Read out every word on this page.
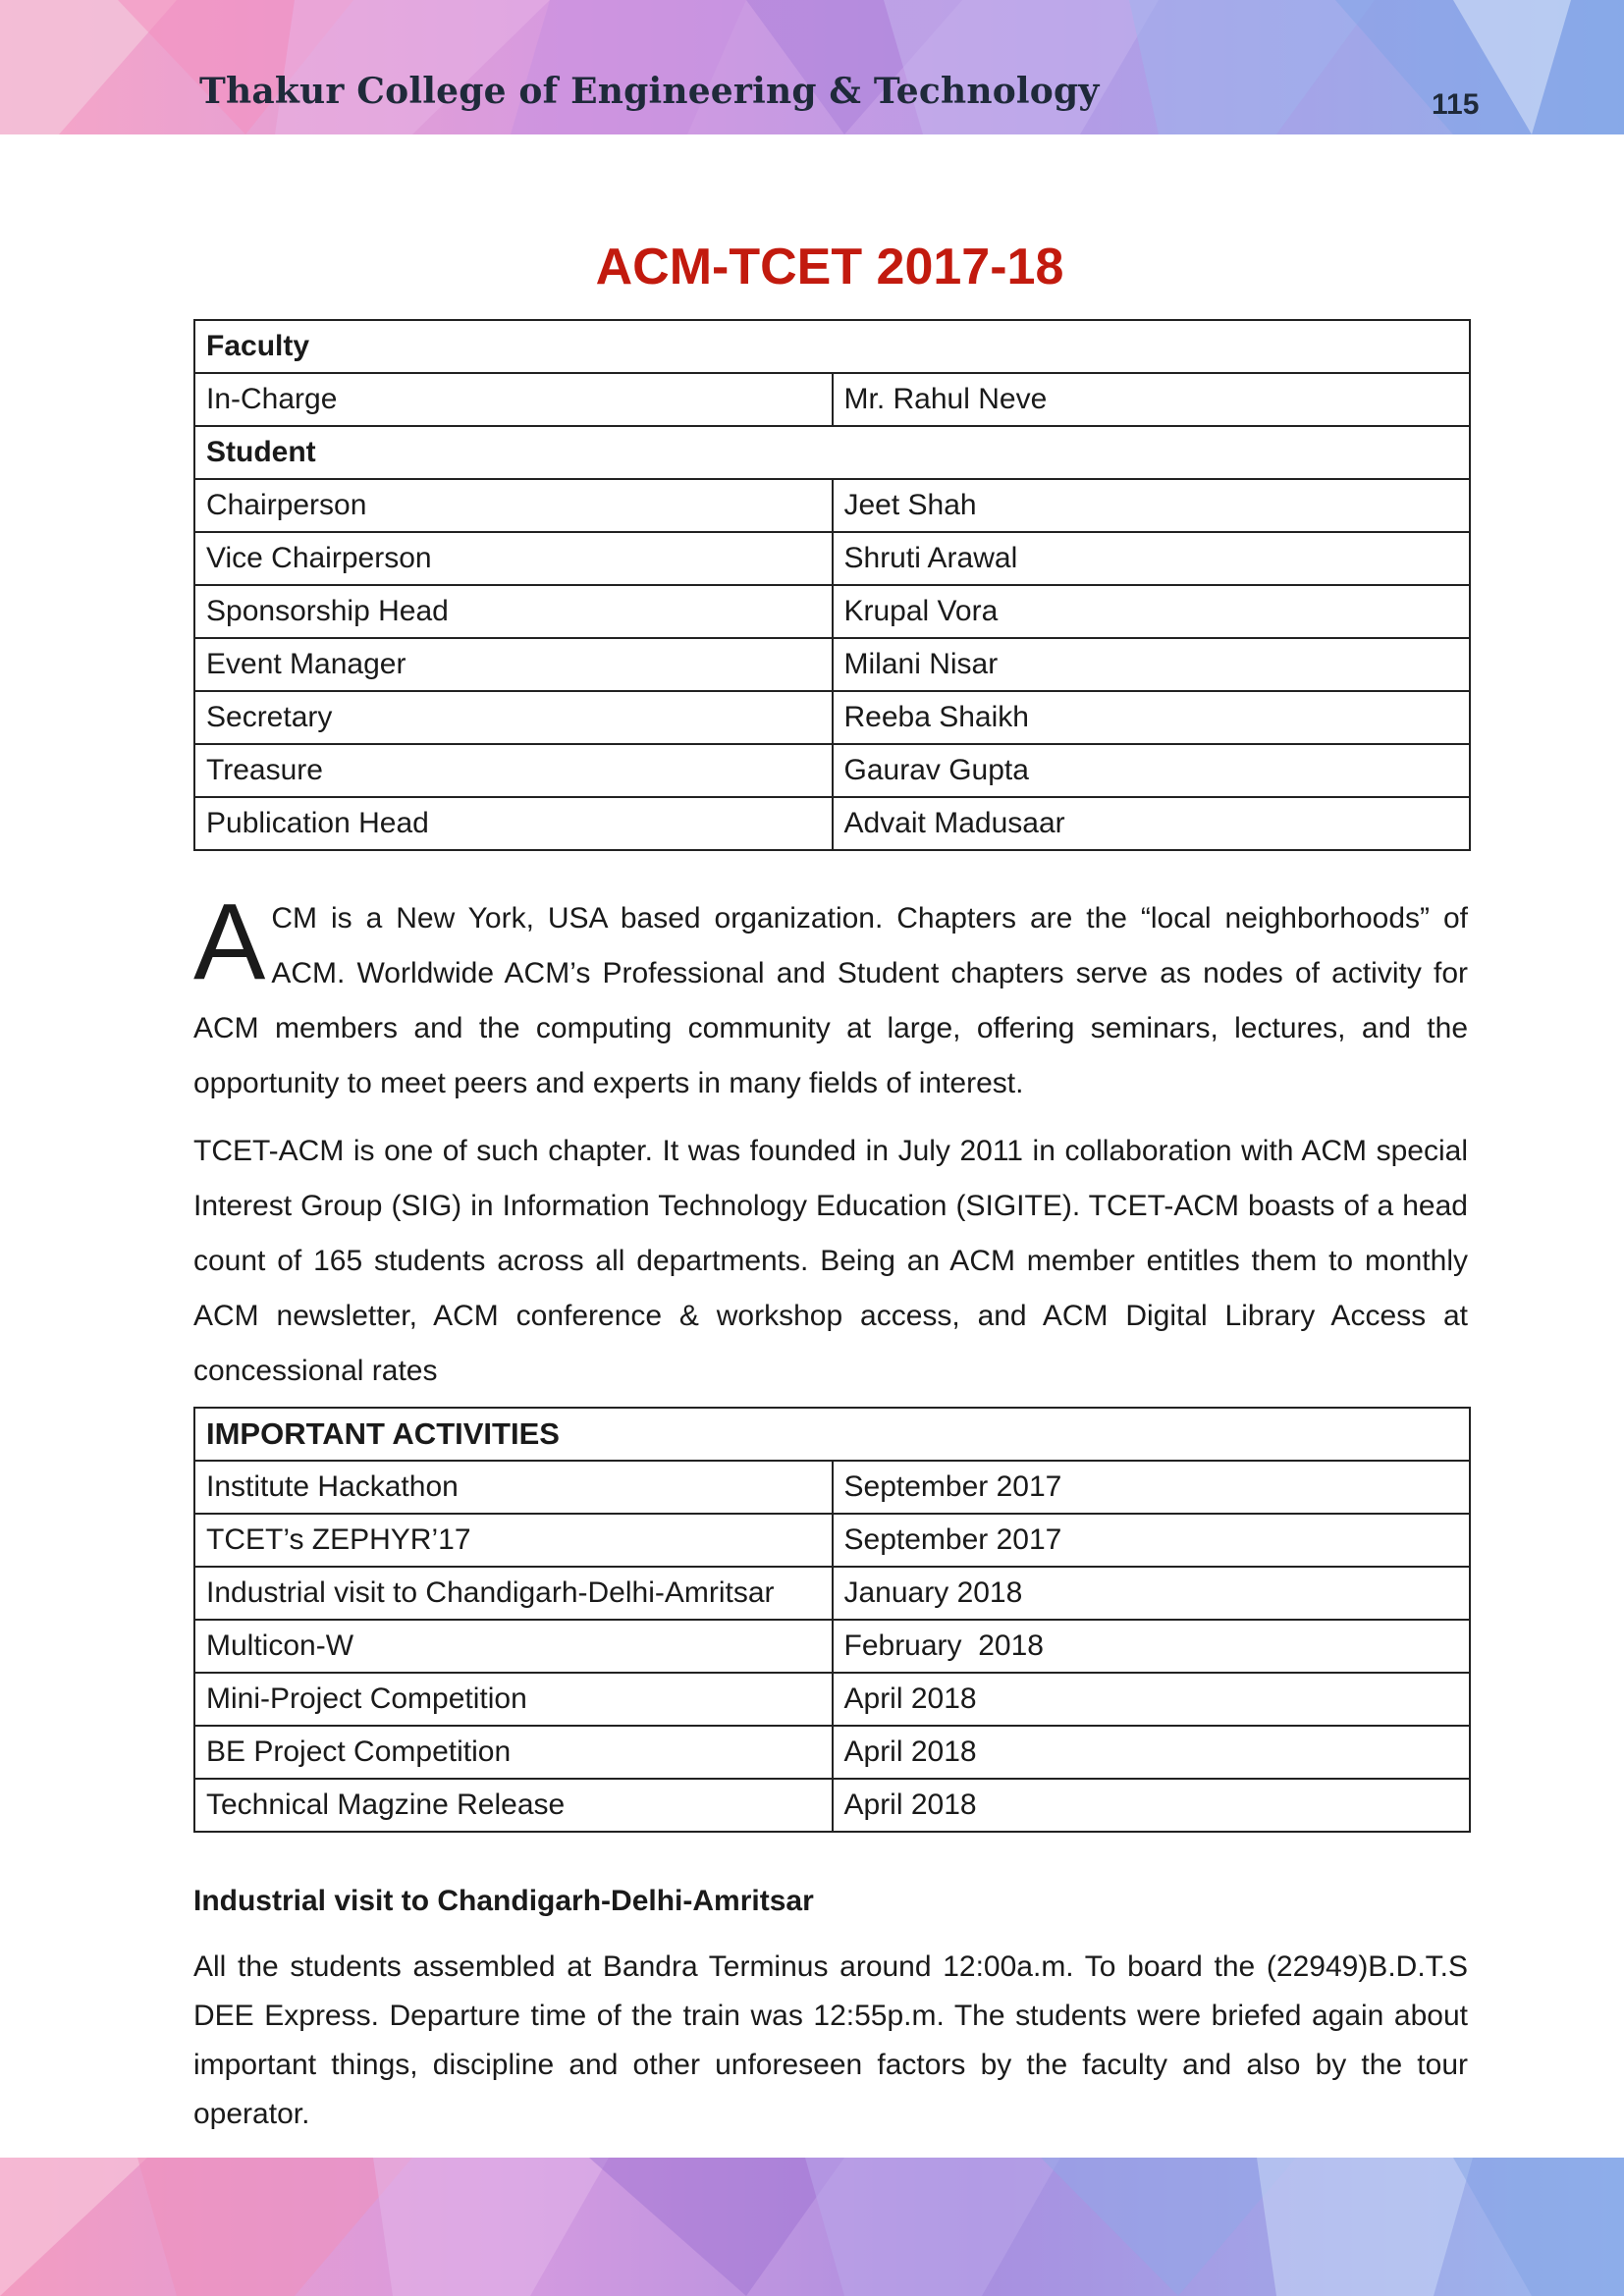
Thakur College of Engineering & Technology	115
ACM-TCET 2017-18
Faculty	
In-Charge	Mr. Rahul Neve
Student	
Chairperson	Jeet Shah
Vice Chairperson	Shruti Arawal
Sponsorship Head	Krupal Vora
Event Manager	Milani Nisar
Secretary	Reeba Shaikh
Treasure	Gaurav Gupta
Publication Head	Advait Madusaar

ACM is a New York, USA based organization. Chapters are the “local neighborhoods” of ACM. Worldwide ACM’s Professional and Student chapters serve as nodes of activity for ACM members and the computing community at large, offering seminars, lectures, and the opportunity to meet peers and experts in many fields of interest.

TCET-ACM is one of such chapter. It was founded in July 2011 in collaboration with ACM special Interest Group (SIG) in Information Technology Education (SIGITE). TCET-ACM boasts of a head count of 165 students across all departments. Being an ACM member entitles them to monthly ACM newsletter, ACM conference & workshop access, and ACM Digital Library Access at concessional rates

IMPORTANT ACTIVITIES	
Institute Hackathon	September 2017
TCET’s ZEPHYR’17	September 2017
Industrial visit to Chandigarh-Delhi-Amritsar	January 2018
Multicon-W	February  2018
Mini-Project Competition	April 2018
BE Project Competition	April 2018
Technical Magzine Release	April 2018
Industrial visit to Chandigarh-Delhi-Amritsar

All the students assembled at Bandra Terminus around 12:00a.m. To board the (22949)B.D.T.S DEE Express. Departure time of the train was 12:55p.m. The students were briefed again about important things, discipline and other unforeseen factors by the faculty and also by the tour operator.
